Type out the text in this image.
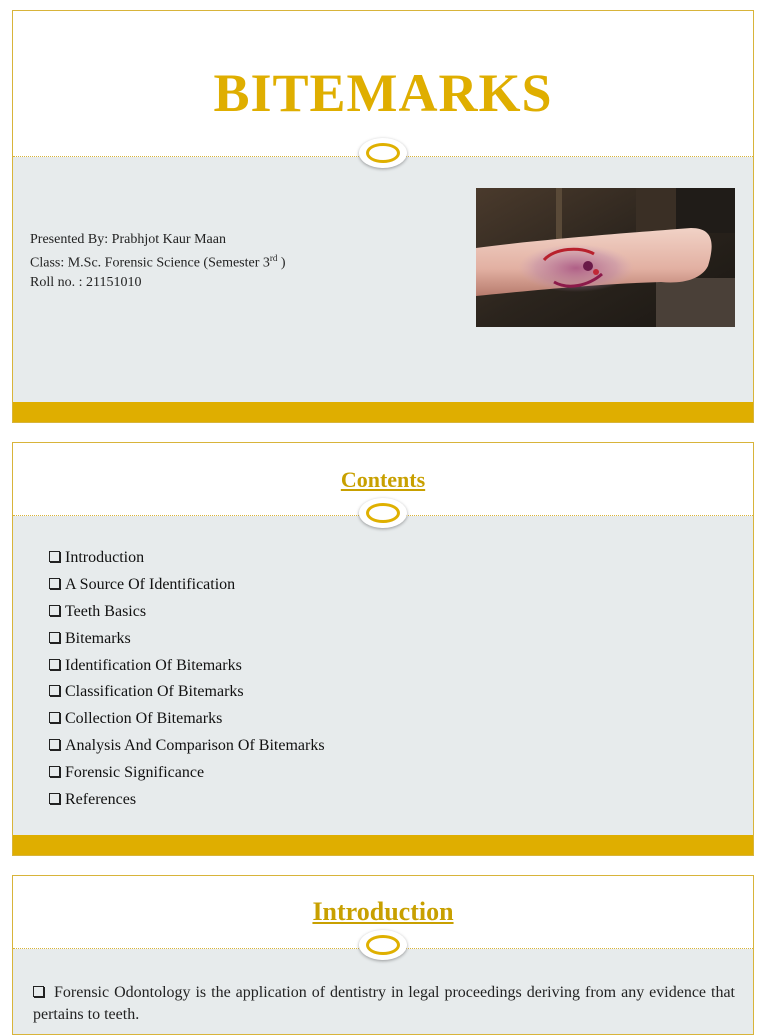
BITEMARKS
Presented By: Prabhjot Kaur Maan
Class: M.Sc. Forensic Science (Semester 3rd )
Roll no. : 21151010
Contents
Introduction
A Source Of Identification
Teeth Basics
Bitemarks
Identification Of Bitemarks
Classification Of Bitemarks
Collection Of Bitemarks
Analysis And Comparison Of Bitemarks
Forensic Significance
References
Introduction
Forensic Odontology is the application of dentistry in legal proceedings deriving from any evidence that pertains to teeth.
